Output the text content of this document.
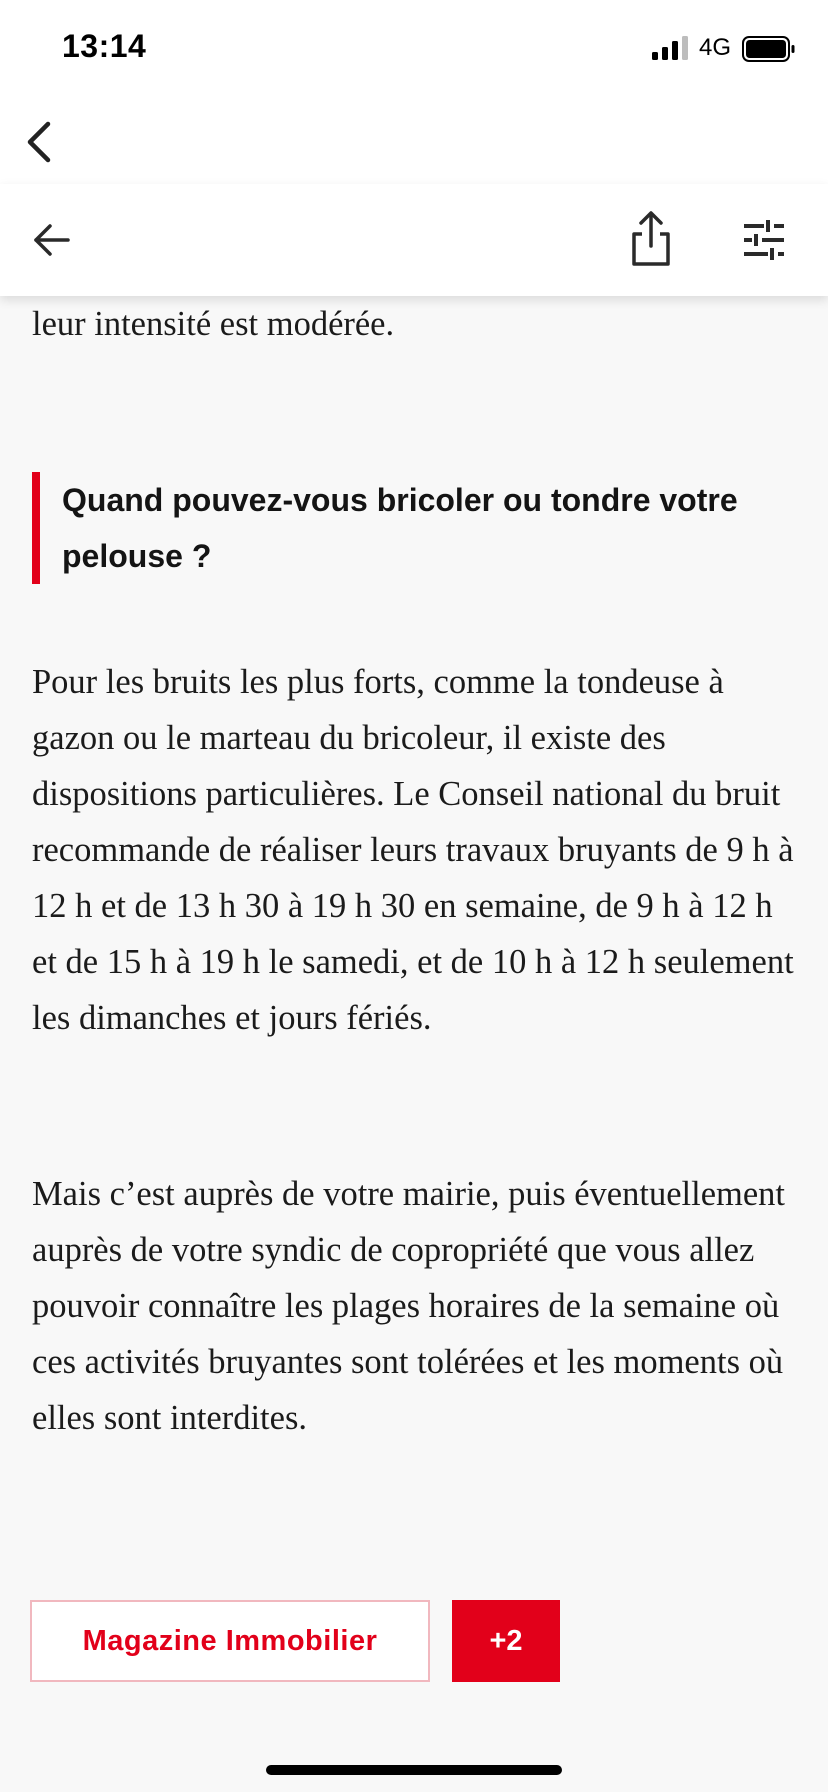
13:14	4G

leur intensité est modérée.

Quand pouvez-vous bricoler ou tondre votre pelouse ?

Pour les bruits les plus forts, comme la tondeuse à gazon ou le marteau du bricoleur, il existe des dispositions particulières. Le Conseil national du bruit recommande de réaliser leurs travaux bruyants de 9 h à 12 h et de 13 h 30 à 19 h 30 en semaine, de 9 h à 12 h et de 15 h à 19 h le samedi, et de 10 h à 12 h seulement les dimanches et jours fériés.

Mais c’est auprès de votre mairie, puis éventuellement auprès de votre syndic de copropriété que vous allez pouvoir connaître les plages horaires de la semaine où ces activités bruyantes sont tolérées et les moments où elles sont interdites.

Magazine Immobilier	+2
